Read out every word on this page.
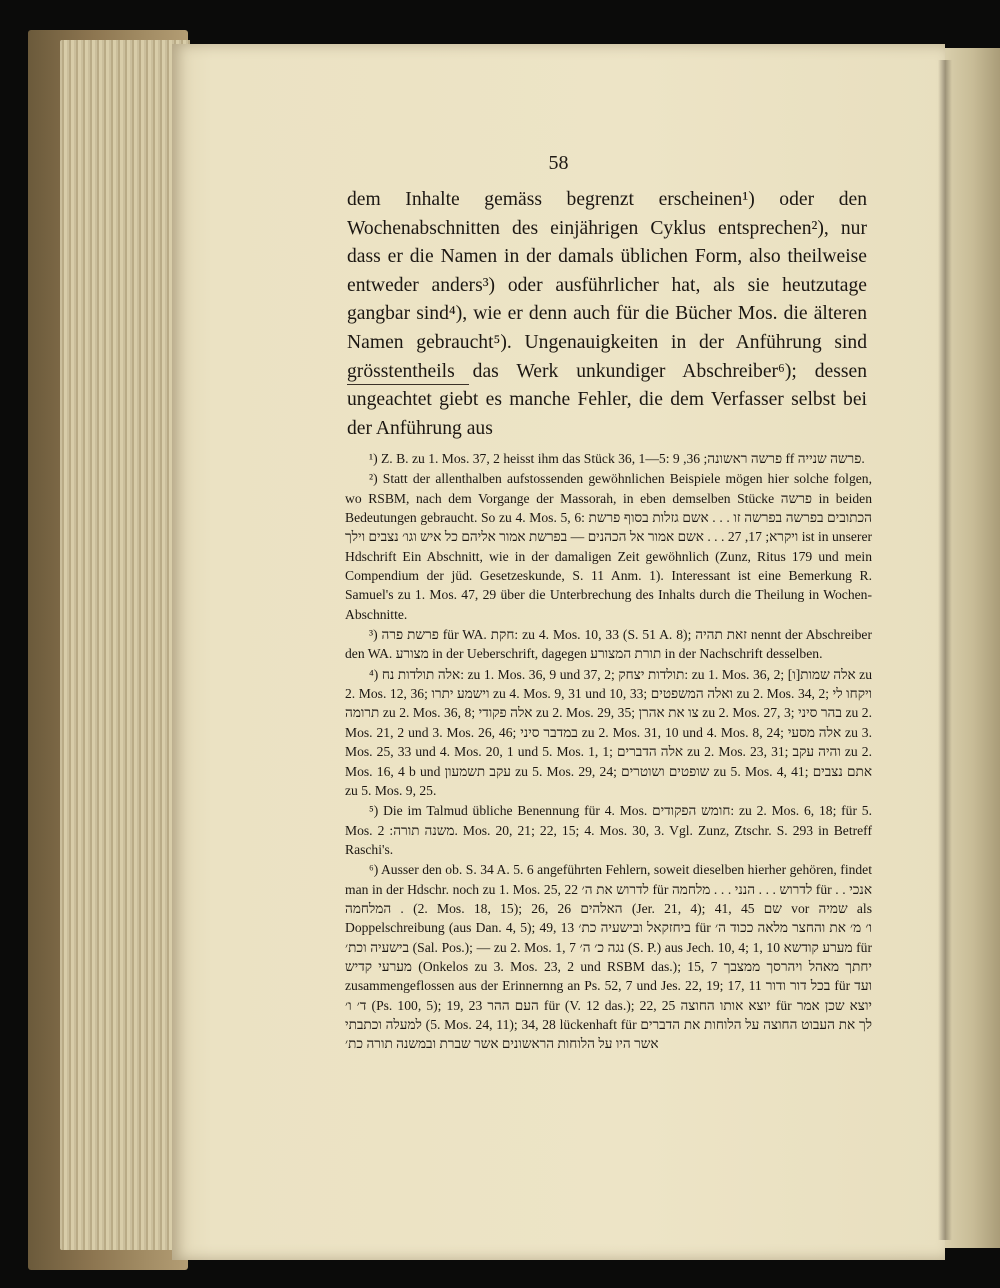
58
dem Inhalte gemäss begrenzt erscheinen¹) oder den Wochenabschnitten des einjährigen Cyklus entsprechen²), nur dass er die Namen in der damals üblichen Form, also theilweise entweder anders³) oder ausführlicher hat, als sie heutzutage gangbar sind⁴), wie er denn auch für die Bücher Mos. die älteren Namen gebraucht⁵). Ungenauigkeiten in der Anführung sind grösstentheils das Werk unkundiger Abschreiber⁶); dessen ungeachtet giebt es manche Fehler, die dem Verfasser selbst bei der Anführung aus

¹) Z. B. zu 1. Mos. 37, 2 heisst ihm das Stück 36, 1—5: פרשה ראשונה; 36, 9 ff פרשה שנייה.

²) Statt der allenthalben aufstossenden gewöhnlichen Beispiele mögen hier solche folgen, wo RSBM, nach dem Vorgange der Massorah, in eben demselben Stücke פרשה in beiden Bedeutungen gebraucht. So zu 4. Mos. 5, 6: הכתובים בפרשה בפרשה זו . . . אשם גזלות בסוף פרשת ויקרא; 17, 27 . . . אשם אמור אל הכהנים — בפרשת אמור אליהם כל איש וגו׳ נצבים וילך ist in unserer Hdschrift Ein Abschnitt, wie in der damaligen Zeit gewöhnlich (Zunz, Ritus 179 und mein Compendium der jüd. Gesetzeskunde, S. 11 Anm. 1). Interessant ist eine Bemerkung R. Samuel's zu 1. Mos. 47, 29 über die Unterbrechung des Inhalts durch die Theilung in Wochen-Abschnitte.

³) פרשת פרה für WA. חקת: zu 4. Mos. 10, 33 (S. 51 A. 8); זאת תהיה nennt der Abschreiber den WA. מצורע in der Ueberschrift, dagegen תורת המצורע in der Nachschrift desselben.

⁴) אלה תולדות נח: zu 1. Mos. 36, 9 und 37, 2; תולדות יצחק: zu 1. Mos. 36, 2; [ו]אלה שמות zu 2. Mos. 12, 36; וישמע יתרו zu 4. Mos. 9, 31 und 10, 33; ואלה המשפטים zu 2. Mos. 34, 2; ויקחו לי תרומה zu 2. Mos. 36, 8; אלה פקודי zu 2. Mos. 29, 35; צו את אהרן zu 2. Mos. 27, 3; בהר סיני zu 2. Mos. 21, 2 und 3. Mos. 26, 46; במדבר סיני zu 2. Mos. 31, 10 und 4. Mos. 8, 24; אלה מסעי zu 3. Mos. 25, 33 und 4. Mos. 20, 1 und 5. Mos. 1, 1; אלה הדברים zu 2. Mos. 23, 31; והיה עקב zu 2. Mos. 16, 4 b und עקב תשמעון zu 5. Mos. 29, 24; שופטים ושוטרים zu 5. Mos. 4, 41; אתם נצבים zu 5. Mos. 9, 25.

⁵) Die im Talmud übliche Benennung für 4. Mos. חומש הפקודים: zu 2. Mos. 6, 18; für 5. Mos. משנה תורה: 2. Mos. 20, 21; 22, 15; 4. Mos. 30, 3. Vgl. Zunz, Ztschr. S. 293 in Betreff Raschi's.

⁶) Ausser den ob. S. 34 A. 5. 6 angeführten Fehlern, soweit dieselben hierher gehören, findet man in der Hdschr. noch zu 1. Mos. 25, 22 לדרוש את ה׳ für לדרוש . . . הנני . . . מלחמה für אנכי . . . המלחמה (2. Mos. 18, 15); 26, 26 האלהים (Jer. 21, 4); 41, 45 שם vor שמיה als Doppelschreibung (aus Dan. 4, 5); 49, 13 ביחזקאל ובישעיה כת׳ für ו׳ מ׳ את והחצר מלאה ככוד ה׳ בישעיה וכת׳ (Sal. Pos.); — zu 2. Mos. 1, 7 נגה כ׳ ה׳ (S. P.) aus Jech. 10, 4; 1, 10 מערע קודשא für מערעי קדיש (Onkelos zu 3. Mos. 23, 2 und RSBM das.); 15, 7 יחתך מאהל ויהרסך ממצבך zusammengeflossen aus der Erinnernng an Ps. 52, 7 und Jes. 22, 19; 17, 11 בכל דור ודור für ועד ד׳ ו׳ (Ps. 100, 5); 19, 23 העם ההר für (V. 12 das.); 22, 25 יוצא אותו החוצה für יוצא שכן אמר למעלה וכתבתי (5. Mos. 24, 11); 34, 28 lückenhaft für לך את העבוט החוצה על הלוחות את הדברים אשר היו על הלוחות הראשונים אשר שברת ובמשנה תורה כת׳
